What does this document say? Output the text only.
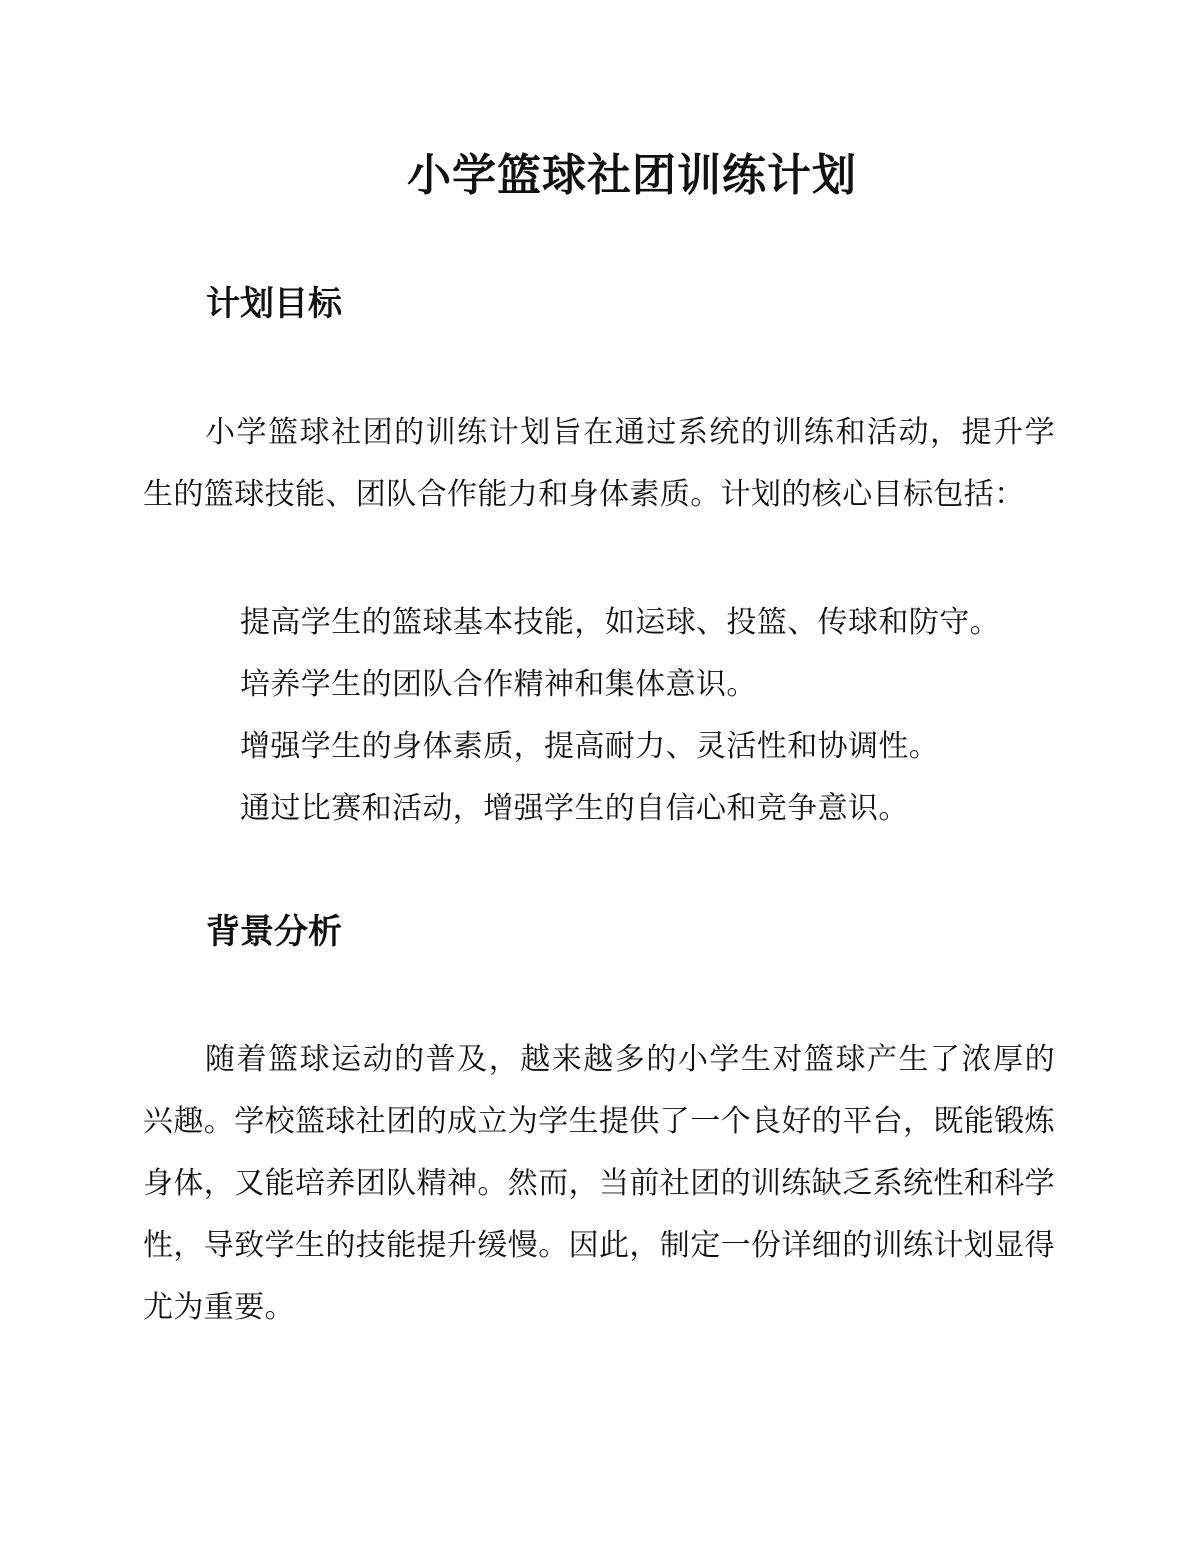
小学篮球社团训练计划
计划目标

小学篮球社团的训练计划旨在通过系统的训练和活动，提升学生的篮球技能、团队合作能力和身体素质。计划的核心目标包括：

提高学生的篮球基本技能，如运球、投篮、传球和防守。
培养学生的团队合作精神和集体意识。
增强学生的身体素质，提高耐力、灵活性和协调性。
通过比赛和活动，增强学生的自信心和竞争意识。
背景分析

随着篮球运动的普及，越来越多的小学生对篮球产生了浓厚的兴趣。学校篮球社团的成立为学生提供了一个良好的平台，既能锻炼身体，又能培养团队精神。然而，当前社团的训练缺乏系统性和科学性，导致学生的技能提升缓慢。因此，制定一份详细的训练计划显得尤为重要。
